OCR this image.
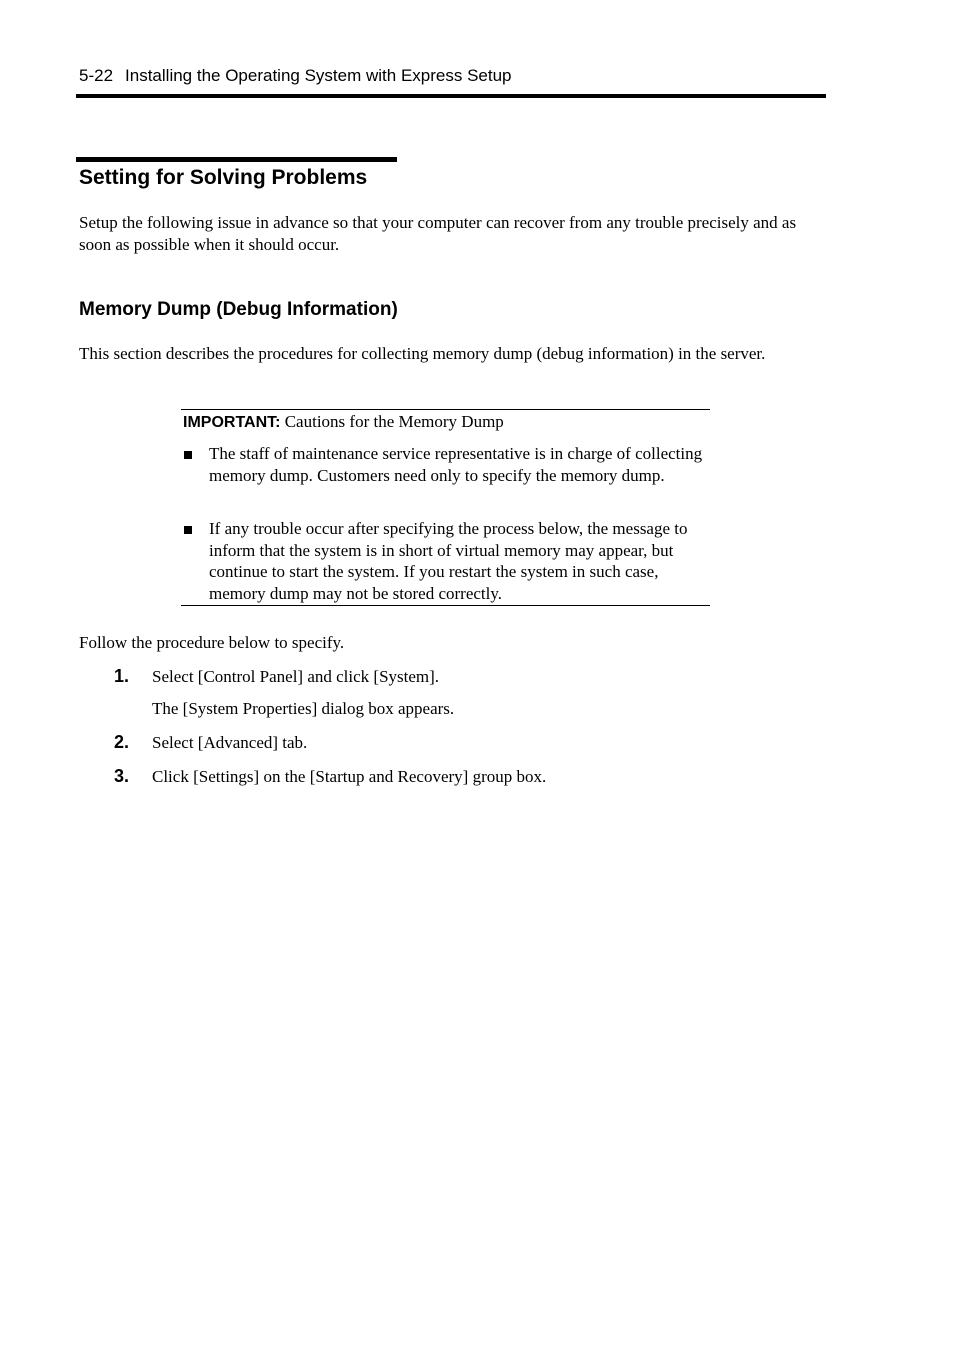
5-22 Installing the Operating System with Express Setup
Setting for Solving Problems
Setup the following issue in advance so that your computer can recover from any trouble precisely and as soon as possible when it should occur.
Memory Dump (Debug Information)
This section describes the procedures for collecting memory dump (debug information) in the server.
IMPORTANT: Cautions for the Memory Dump
The staff of maintenance service representative is in charge of collecting memory dump. Customers need only to specify the memory dump.
If any trouble occur after specifying the process below, the message to inform that the system is in short of virtual memory may appear, but continue to start the system. If you restart the system in such case, memory dump may not be stored correctly.
Follow the procedure below to specify.
1. Select [Control Panel] and click [System].
The [System Properties] dialog box appears.
2. Select [Advanced] tab.
3. Click [Settings] on the [Startup and Recovery] group box.
